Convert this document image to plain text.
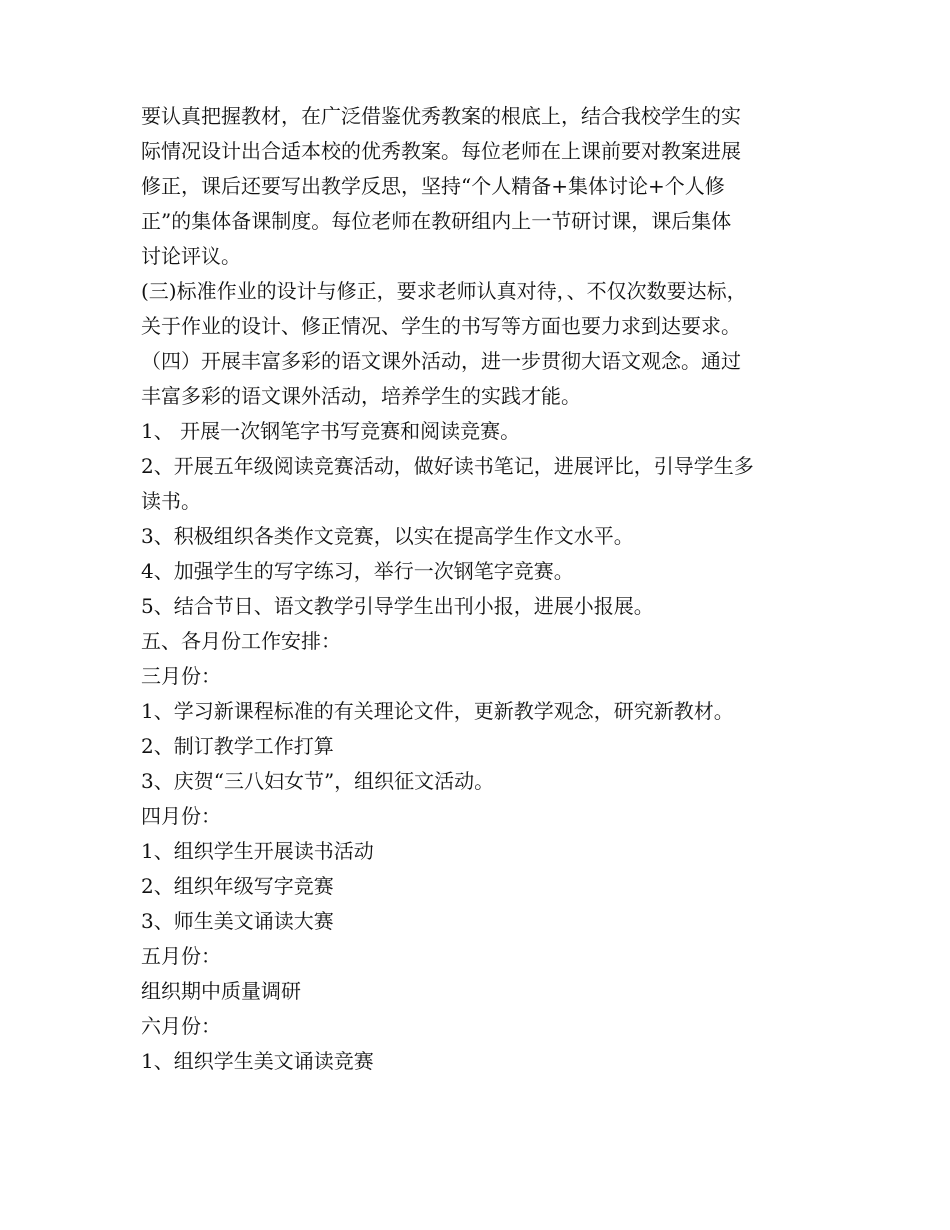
要认真把握教材，在广泛借鉴优秀教案的根底上，结合我校学生的实
际情况设计出合适本校的优秀教案。每位老师在上课前要对教案进展
修正，课后还要写出教学反思，坚持“个人精备+集体讨论+个人修
正”的集体备课制度。每位老师在教研组内上一节研讨课，课后集体
讨论评议。
(三)标准作业的设计与修正，要求老师认真对待，、不仅次数要达标，
关于作业的设计、修正情况、学生的书写等方面也要力求到达要求。
（四）开展丰富多彩的语文课外活动，进一步贯彻大语文观念。通过
丰富多彩的语文课外活动，培养学生的实践才能。
1、 开展一次钢笔字书写竞赛和阅读竞赛。
2、开展五年级阅读竞赛活动，做好读书笔记，进展评比，引导学生多
读书。
3、积极组织各类作文竞赛，以实在提高学生作文水平。
4、加强学生的写字练习，举行一次钢笔字竞赛。
5、结合节日、语文教学引导学生出刊小报，进展小报展。
五、各月份工作安排：
三月份：
1、学习新课程标准的有关理论文件，更新教学观念，研究新教材。
2、制订教学工作打算
3、庆贺“三八妇女节”，组织征文活动。
四月份：
1、组织学生开展读书活动
2、组织年级写字竞赛
3、师生美文诵读大赛
五月份：
组织期中质量调研
六月份：
1、组织学生美文诵读竞赛
